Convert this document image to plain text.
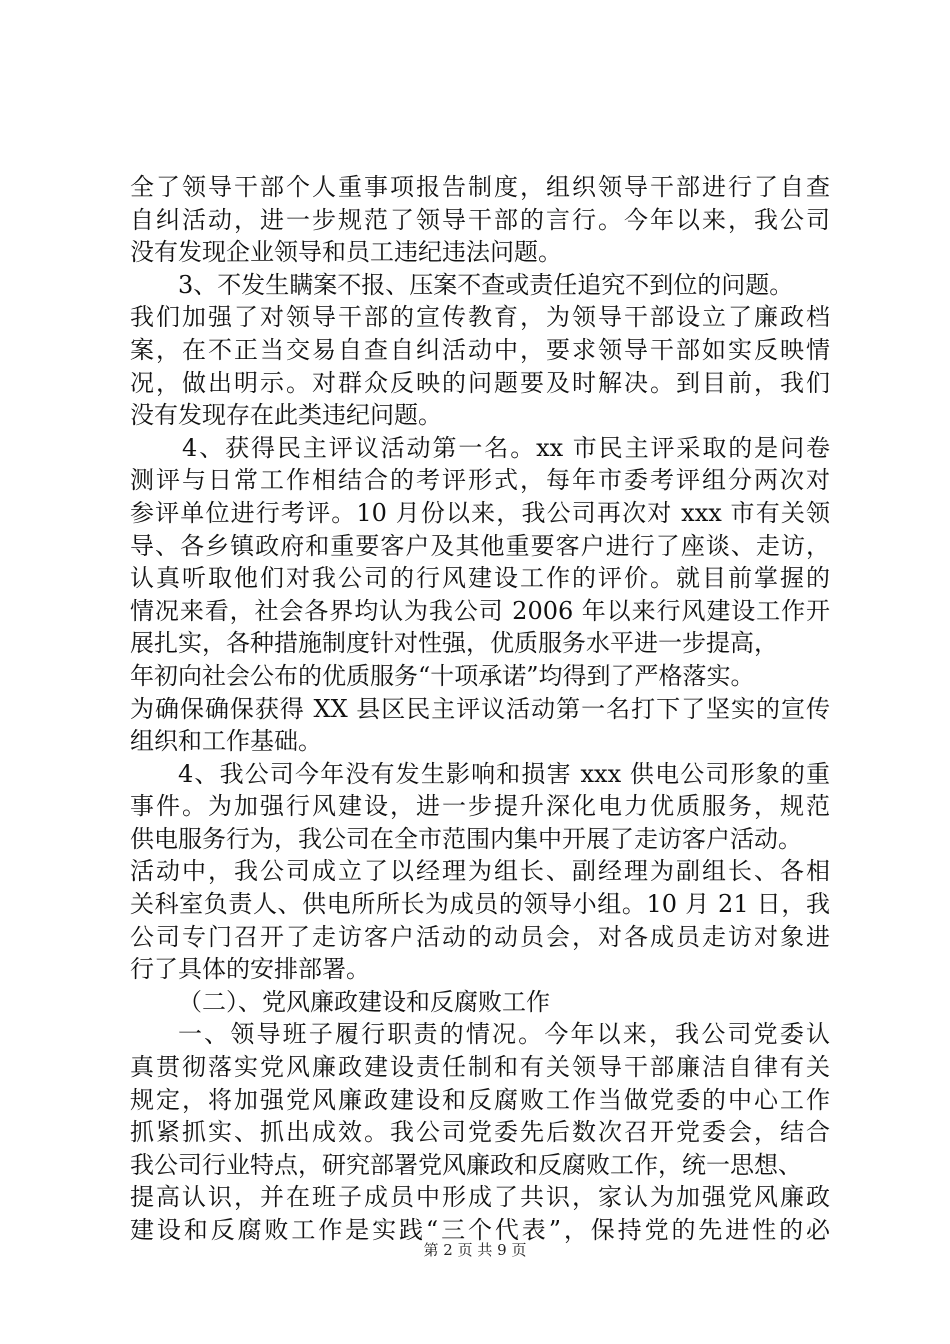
全了领导干部个人重事项报告制度，组织领导干部进行了自查
自纠活动，进一步规范了领导干部的言行。今年以来，我公司
没有发现企业领导和员工违纪违法问题。
3、不发生瞒案不报、压案不查或责任追究不到位的问题。
我们加强了对领导干部的宣传教育，为领导干部设立了廉政档
案，在不正当交易自查自纠活动中，要求领导干部如实反映情
况，做出明示。对群众反映的问题要及时解决。到目前，我们
没有发现存在此类违纪问题。
4、获得民主评议活动第一名。xx 市民主评采取的是问卷
测评与日常工作相结合的考评形式，每年市委考评组分两次对
参评单位进行考评。10 月份以来，我公司再次对 xxx 市有关领
导、各乡镇政府和重要客户及其他重要客户进行了座谈、走访，
认真听取他们对我公司的行风建设工作的评价。就目前掌握的
情况来看，社会各界均认为我公司 2006 年以来行风建设工作开
展扎实，各种措施制度针对性强，优质服务水平进一步提高，
年初向社会公布的优质服务“十项承诺”均得到了严格落实。
为确保确保获得 XX 县区民主评议活动第一名打下了坚实的宣传
组织和工作基础。
4、我公司今年没有发生影响和损害 xxx 供电公司形象的重
事件。为加强行风建设，进一步提升深化电力优质服务，规范
供电服务行为，我公司在全市范围内集中开展了走访客户活动。
活动中，我公司成立了以经理为组长、副经理为副组长、各相
关科室负责人、供电所所长为成员的领导小组。10 月 21 日，我
公司专门召开了走访客户活动的动员会，对各成员走访对象进
行了具体的安排部署。
（二）、党风廉政建设和反腐败工作
一、领导班子履行职责的情况。今年以来，我公司党委认
真贯彻落实党风廉政建设责任制和有关领导干部廉洁自律有关
规定，将加强党风廉政建设和反腐败工作当做党委的中心工作
抓紧抓实、抓出成效。我公司党委先后数次召开党委会，结合
我公司行业特点，研究部署党风廉政和反腐败工作，统一思想、
提高认识，并在班子成员中形成了共识，家认为加强党风廉政
建设和反腐败工作是实践“三个代表”，保持党的先进性的必
第 2 页 共 9 页
